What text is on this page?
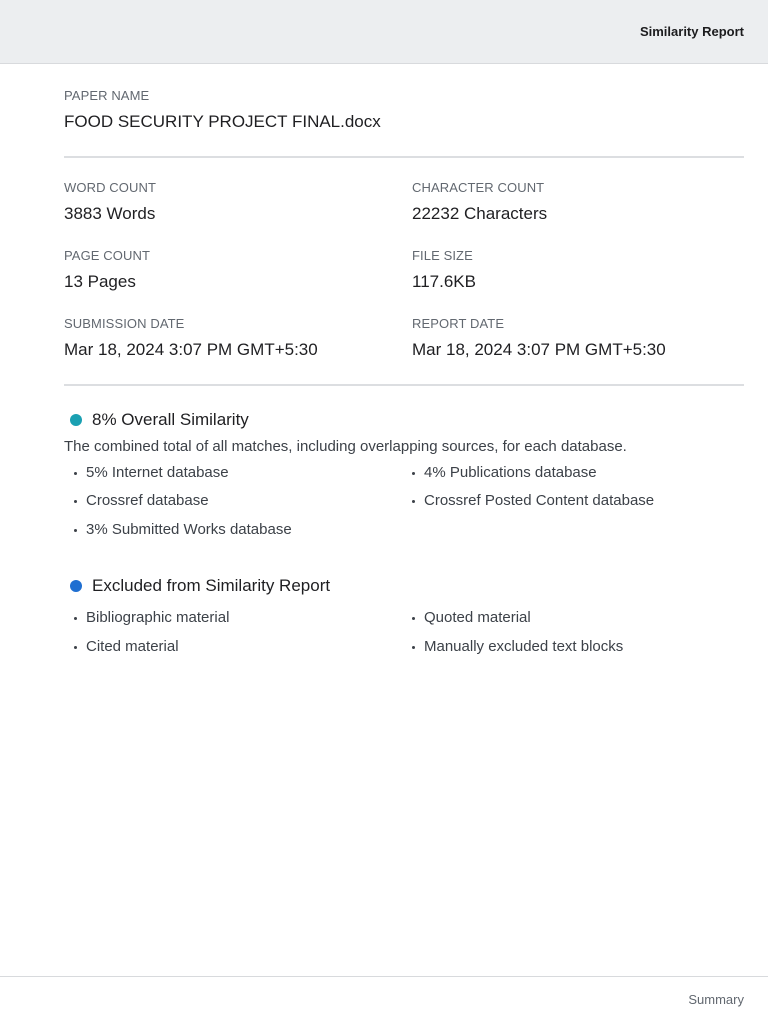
Similarity Report
PAPER NAME
FOOD SECURITY PROJECT FINAL.docx
WORD COUNT
3883 Words
CHARACTER COUNT
22232 Characters
PAGE COUNT
13 Pages
FILE SIZE
117.6KB
SUBMISSION DATE
Mar 18, 2024 3:07 PM GMT+5:30
REPORT DATE
Mar 18, 2024 3:07 PM GMT+5:30
8% Overall Similarity
The combined total of all matches, including overlapping sources, for each database.
5% Internet database	4% Publications database
Crossref database	Crossref Posted Content database
3% Submitted Works database
Excluded from Similarity Report
Bibliographic material	Quoted material
Cited material	Manually excluded text blocks
Summary
